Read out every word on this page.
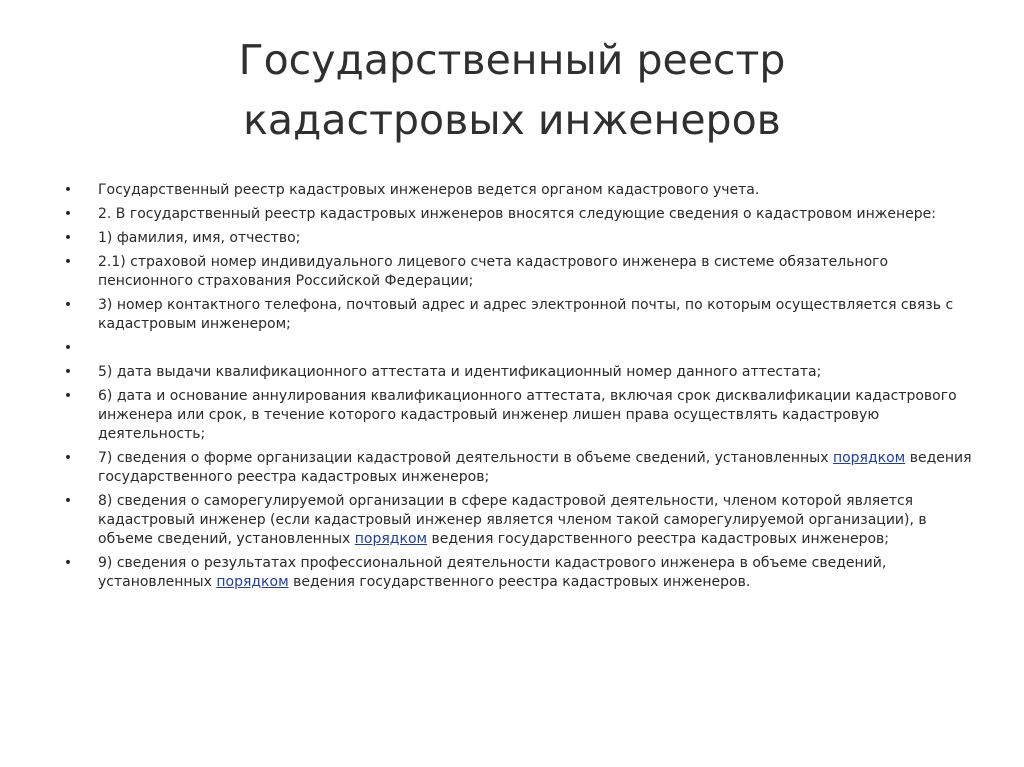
Государственный реестр
кадастровых инженеров
• Государственный реестр кадастровых инженеров ведется органом кадастрового учета.
• 2. В государственный реестр кадастровых инженеров вносятся следующие сведения о кадастровом инженере:
• 1) фамилия, имя, отчество;
• 2.1) страховой номер индивидуального лицевого счета кадастрового инженера в системе обязательного пенсионного страхования Российской Федерации;
• 3) номер контактного телефона, почтовый адрес и адрес электронной почты, по которым осуществляется связь с кадастровым инженером;
•

• 5) дата выдачи квалификационного аттестата и идентификационный номер данного аттестата;
• 6) дата и основание аннулирования квалификационного аттестата, включая срок дисквалификации кадастрового инженера или срок, в течение которого кадастровый инженер лишен права осуществлять кадастровую деятельность;
• 7) сведения о форме организации кадастровой деятельности в объеме сведений, установленных порядком ведения государственного реестра кадастровых инженеров;
• 8) сведения о саморегулируемой организации в сфере кадастровой деятельности, членом которой является кадастровый инженер (если кадастровый инженер является членом такой саморегулируемой организации), в объеме сведений, установленных порядком ведения государственного реестра кадастровых инженеров;
• 9) сведения о результатах профессиональной деятельности кадастрового инженера в объеме сведений, установленных порядком ведения государственного реестра кадастровых инженеров.
